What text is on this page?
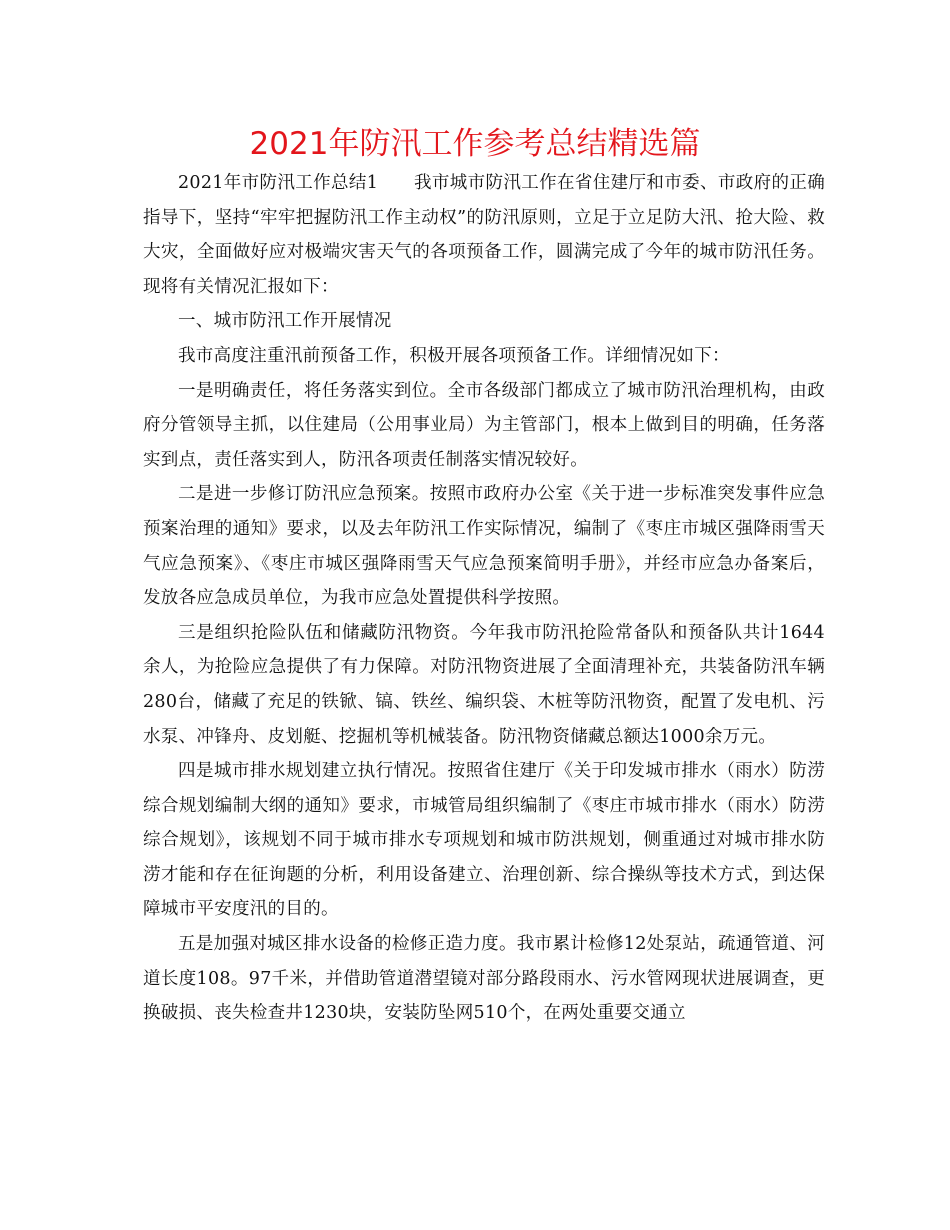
2021年防汛工作参考总结精选篇

2021年市防汛工作总结1　　我市城市防汛工作在省住建厅和市委、市政府的正确指导下，坚持“牢牢把握防汛工作主动权”的防汛原则，立足于立足防大汛、抢大险、救大灾，全面做好应对极端灾害天气的各项预备工作，圆满完成了今年的城市防汛任务。现将有关情况汇报如下：

一、城市防汛工作开展情况

我市高度注重汛前预备工作，积极开展各项预备工作。详细情况如下：

一是明确责任，将任务落实到位。全市各级部门都成立了城市防汛治理机构，由政府分管领导主抓，以住建局（公用事业局）为主管部门，根本上做到目的明确，任务落实到点，责任落实到人，防汛各项责任制落实情况较好。

二是进一步修订防汛应急预案。按照市政府办公室《关于进一步标准突发事件应急预案治理的通知》要求，以及去年防汛工作实际情况，编制了《枣庄市城区强降雨雪天气应急预案》、《枣庄市城区强降雨雪天气应急预案简明手册》，并经市应急办备案后，发放各应急成员单位，为我市应急处置提供科学按照。

三是组织抢险队伍和储藏防汛物资。今年我市防汛抢险常备队和预备队共计1644余人，为抢险应急提供了有力保障。对防汛物资进展了全面清理补充，共装备防汛车辆280台，储藏了充足的铁锨、镐、铁丝、编织袋、木桩等防汛物资，配置了发电机、污水泵、冲锋舟、皮划艇、挖掘机等机械装备。防汛物资储藏总额达1000余万元。

四是城市排水规划建立执行情况。按照省住建厅《关于印发城市排水（雨水）防涝综合规划编制大纲的通知》要求，市城管局组织编制了《枣庄市城市排水（雨水）防涝综合规划》，该规划不同于城市排水专项规划和城市防洪规划，侧重通过对城市排水防涝才能和存在征询题的分析，利用设备建立、治理创新、综合操纵等技术方式，到达保障城市平安度汛的目的。

五是加强对城区排水设备的检修正造力度。我市累计检修12处泵站，疏通管道、河道长度108。97千米，并借助管道潜望镜对部分路段雨水、污水管网现状进展调查，更换破损、丧失检查井1230块，安装防坠网510个，在两处重要交通立
